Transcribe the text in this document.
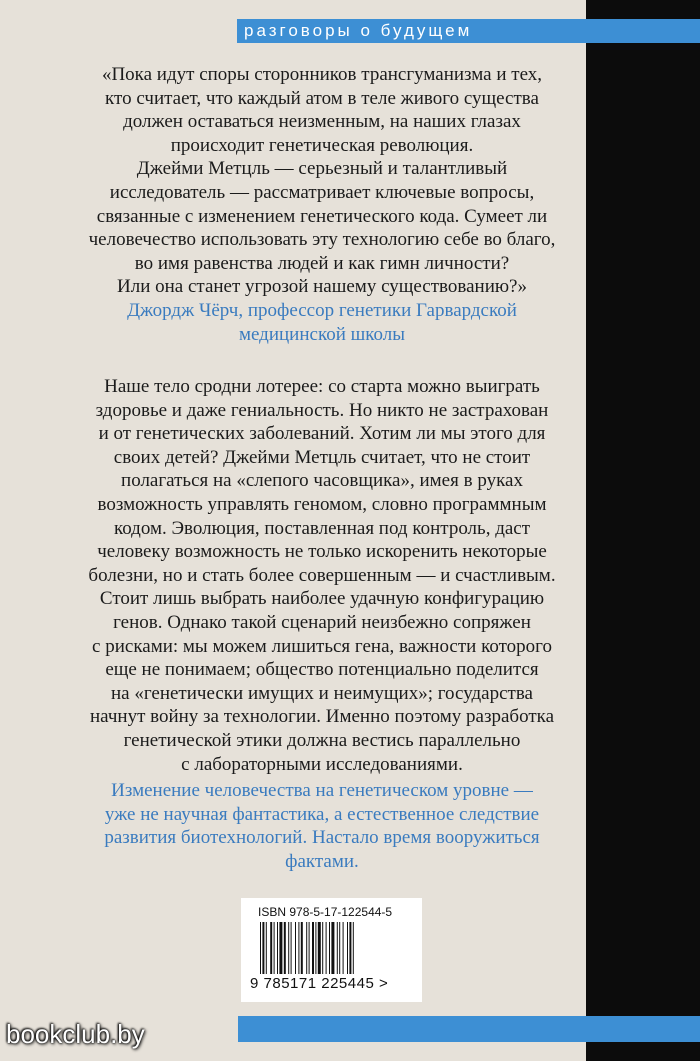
разговоры о будущем

«Пока идут споры сторонников трансгуманизма и тех,

кто считает, что каждый атом в теле живого существа

должен оставаться неизменным, на наших глазах

происходит генетическая революция.

Джейми Метцль — серьезный и талантливый

исследователь — рассматривает ключевые вопросы,

связанные с изменением генетического кода. Сумеет ли

человечество использовать эту технологию себе во благо,

во имя равенства людей и как гимн личности?

Или она станет угрозой нашему существованию?»

Джордж Чёрч, профессор генетики Гарвардской

медицинской школы

Наше тело сродни лотерее: со старта можно выиграть

здоровье и даже гениальность. Но никто не застрахован

и от генетических заболеваний. Хотим ли мы этого для

своих детей? Джейми Метцль считает, что не стоит

полагаться на «слепого часовщика», имея в руках

возможность управлять геномом, словно программным

кодом. Эволюция, поставленная под контроль, даст

человеку возможность не только искоренить некоторые

болезни, но и стать более совершенным — и счастливым.

Стоит лишь выбрать наиболее удачную конфигурацию

генов. Однако такой сценарий неизбежно сопряжен

с рисками: мы можем лишиться гена, важности которого

еще не понимаем; общество потенциально поделится

на «генетически имущих и неимущих»; государства

начнут войну за технологии. Именно поэтому разработка

генетической этики должна вестись параллельно

с лабораторными исследованиями.

Изменение человечества на генетическом уровне —

уже не научная фантастика, а естественное следствие

развития биотехнологий. Настало время вооружиться

фактами.

ISBN 978-5-17-122544-5
9 785171 225445 >
bookclub.by
